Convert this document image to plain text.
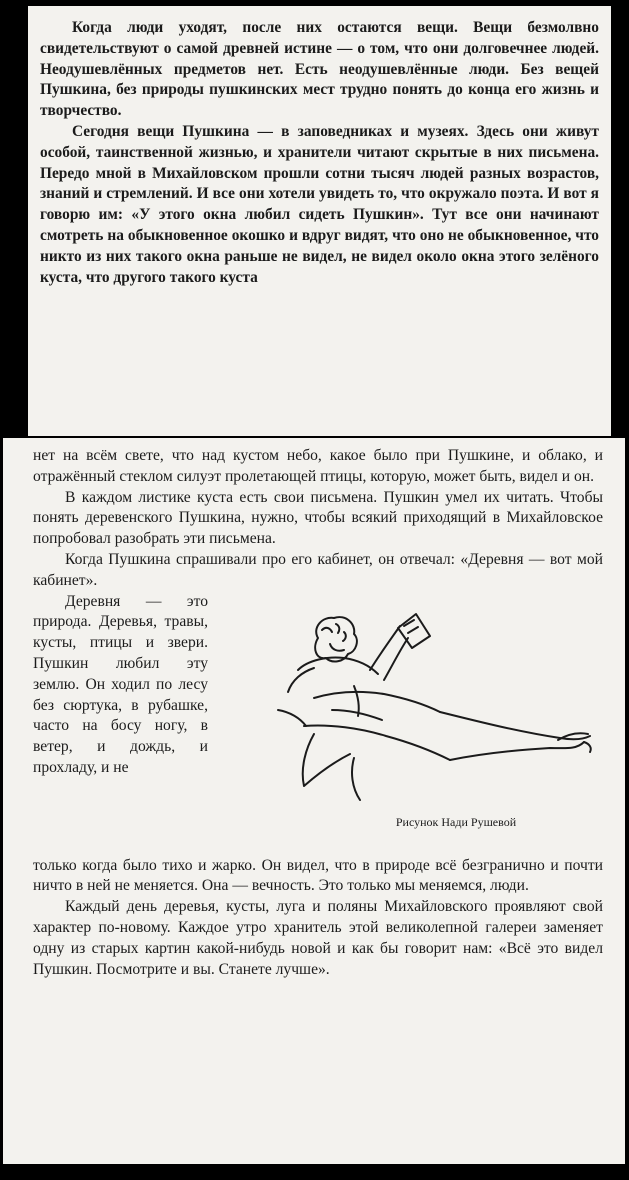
Когда люди уходят, после них остаются вещи. Вещи безмолвно свидетельствуют о самой древней истине — о том, что они долговечнее людей. Неодушевлённых предметов нет. Есть неодушевлённые люди. Без вещей Пушкина, без природы пушкинских мест трудно понять до конца его жизнь и творчество.

Сегодня вещи Пушкина — в заповедниках и музеях. Здесь они живут особой, таинственной жизнью, и хранители читают скрытые в них письмена. Передо мной в Михайловском прошли сотни тысяч людей разных возрастов, знаний и стремлений. И все они хотели увидеть то, что окружало поэта. И вот я говорю им: «У этого окна любил сидеть Пушкин». Тут все они начинают смотреть на обыкновенное окошко и вдруг видят, что оно не обыкновенное, что никто из них такого окна раньше не видел, не видел около окна этого зелёного куста, что другого такого куста

нет на всём свете, что над кустом небо, какое было при Пушкине, и облако, и отражённый стеклом силуэт пролетающей птицы, которую, может быть, видел и он.

В каждом листике куста есть свои письмена. Пушкин умел их читать. Чтобы понять деревенского Пушкина, нужно, чтобы всякий приходящий в Михайловское попробовал разобрать эти письмена.

Когда Пушкина спрашивали про его кабинет, он отвечал: «Деревня — вот мой кабинет».

Деревня — это природа. Деревья, травы, кусты, птицы и звери. Пушкин любил эту землю. Он ходил по лесу без сюртука, в рубашке, часто на босу ногу, в ветер, и дождь, и прохладу, и не

Рисунок Нади Рушевой

только когда было тихо и жарко. Он видел, что в природе всё безгранично и почти ничто в ней не меняется. Она — вечность. Это только мы меняемся, люди.

Каждый день деревья, кусты, луга и поляны Михайловского проявляют свой характер по-новому. Каждое утро хранитель этой великолепной галереи заменяет одну из старых картин какой-нибудь новой и как бы говорит нам: «Всё это видел Пушкин. Посмотрите и вы. Станете лучше».
